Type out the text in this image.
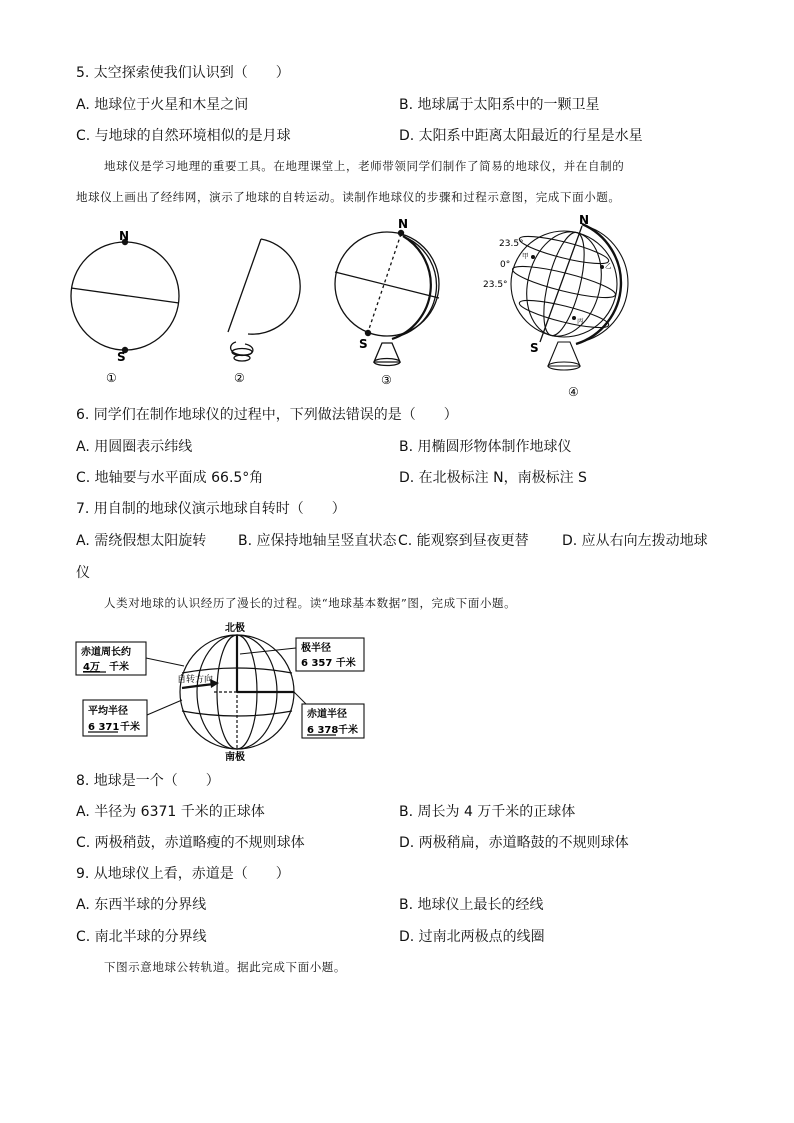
5. 太空探索使我们认识到（　　）
A. 地球位于火星和木星之间	B. 地球属于太阳系中的一颗卫星
C. 与地球的自然环境相似的是月球	D. 太阳系中距离太阳最近的行星是水星
地球仪是学习地理的重要工具。在地理课堂上，老师带领同学们制作了简易的地球仪，并在自制的
地球仪上画出了经纬网，演示了地球的自转运动。读制作地球仪的步骤和过程示意图，完成下面小题。
N
S
①	②
N
S
③
甲
乙
丙
23.5°
0°
23.5°
N
S
④
6. 同学们在制作地球仪的过程中，下列做法错误的是（　　）
A. 用圆圈表示纬线	B. 用椭圆形物体制作地球仪
C. 地轴要与水平面成 66.5°角	D. 在北极标注 N，南极标注 S
7. 用自制的地球仪演示地球自转时（　　）
A. 需绕假想太阳旋转 B. 应保持地轴呈竖直状态 C. 能观察到昼夜更替 D. 应从右向左拨动地球
仪
人类对地球的认识经历了漫长的过程。读“地球基本数据”图，完成下面小题。
自转方向
北极
南极
赤道周长约
4万 千米
平均半径
6 371 千米
极半径
6 357 千米
赤道半径
6 378 千米
8. 地球是一个（　　）
A. 半径为 6371 千米的正球体	B. 周长为 4 万千米的正球体
C. 两极稍鼓，赤道略瘦的不规则球体	D. 两极稍扁，赤道略鼓的不规则球体
9. 从地球仪上看，赤道是（　　）
A. 东西半球的分界线	B. 地球仪上最长的经线
C. 南北半球的分界线	D. 过南北两极点的线圈
下图示意地球公转轨道。据此完成下面小题。
